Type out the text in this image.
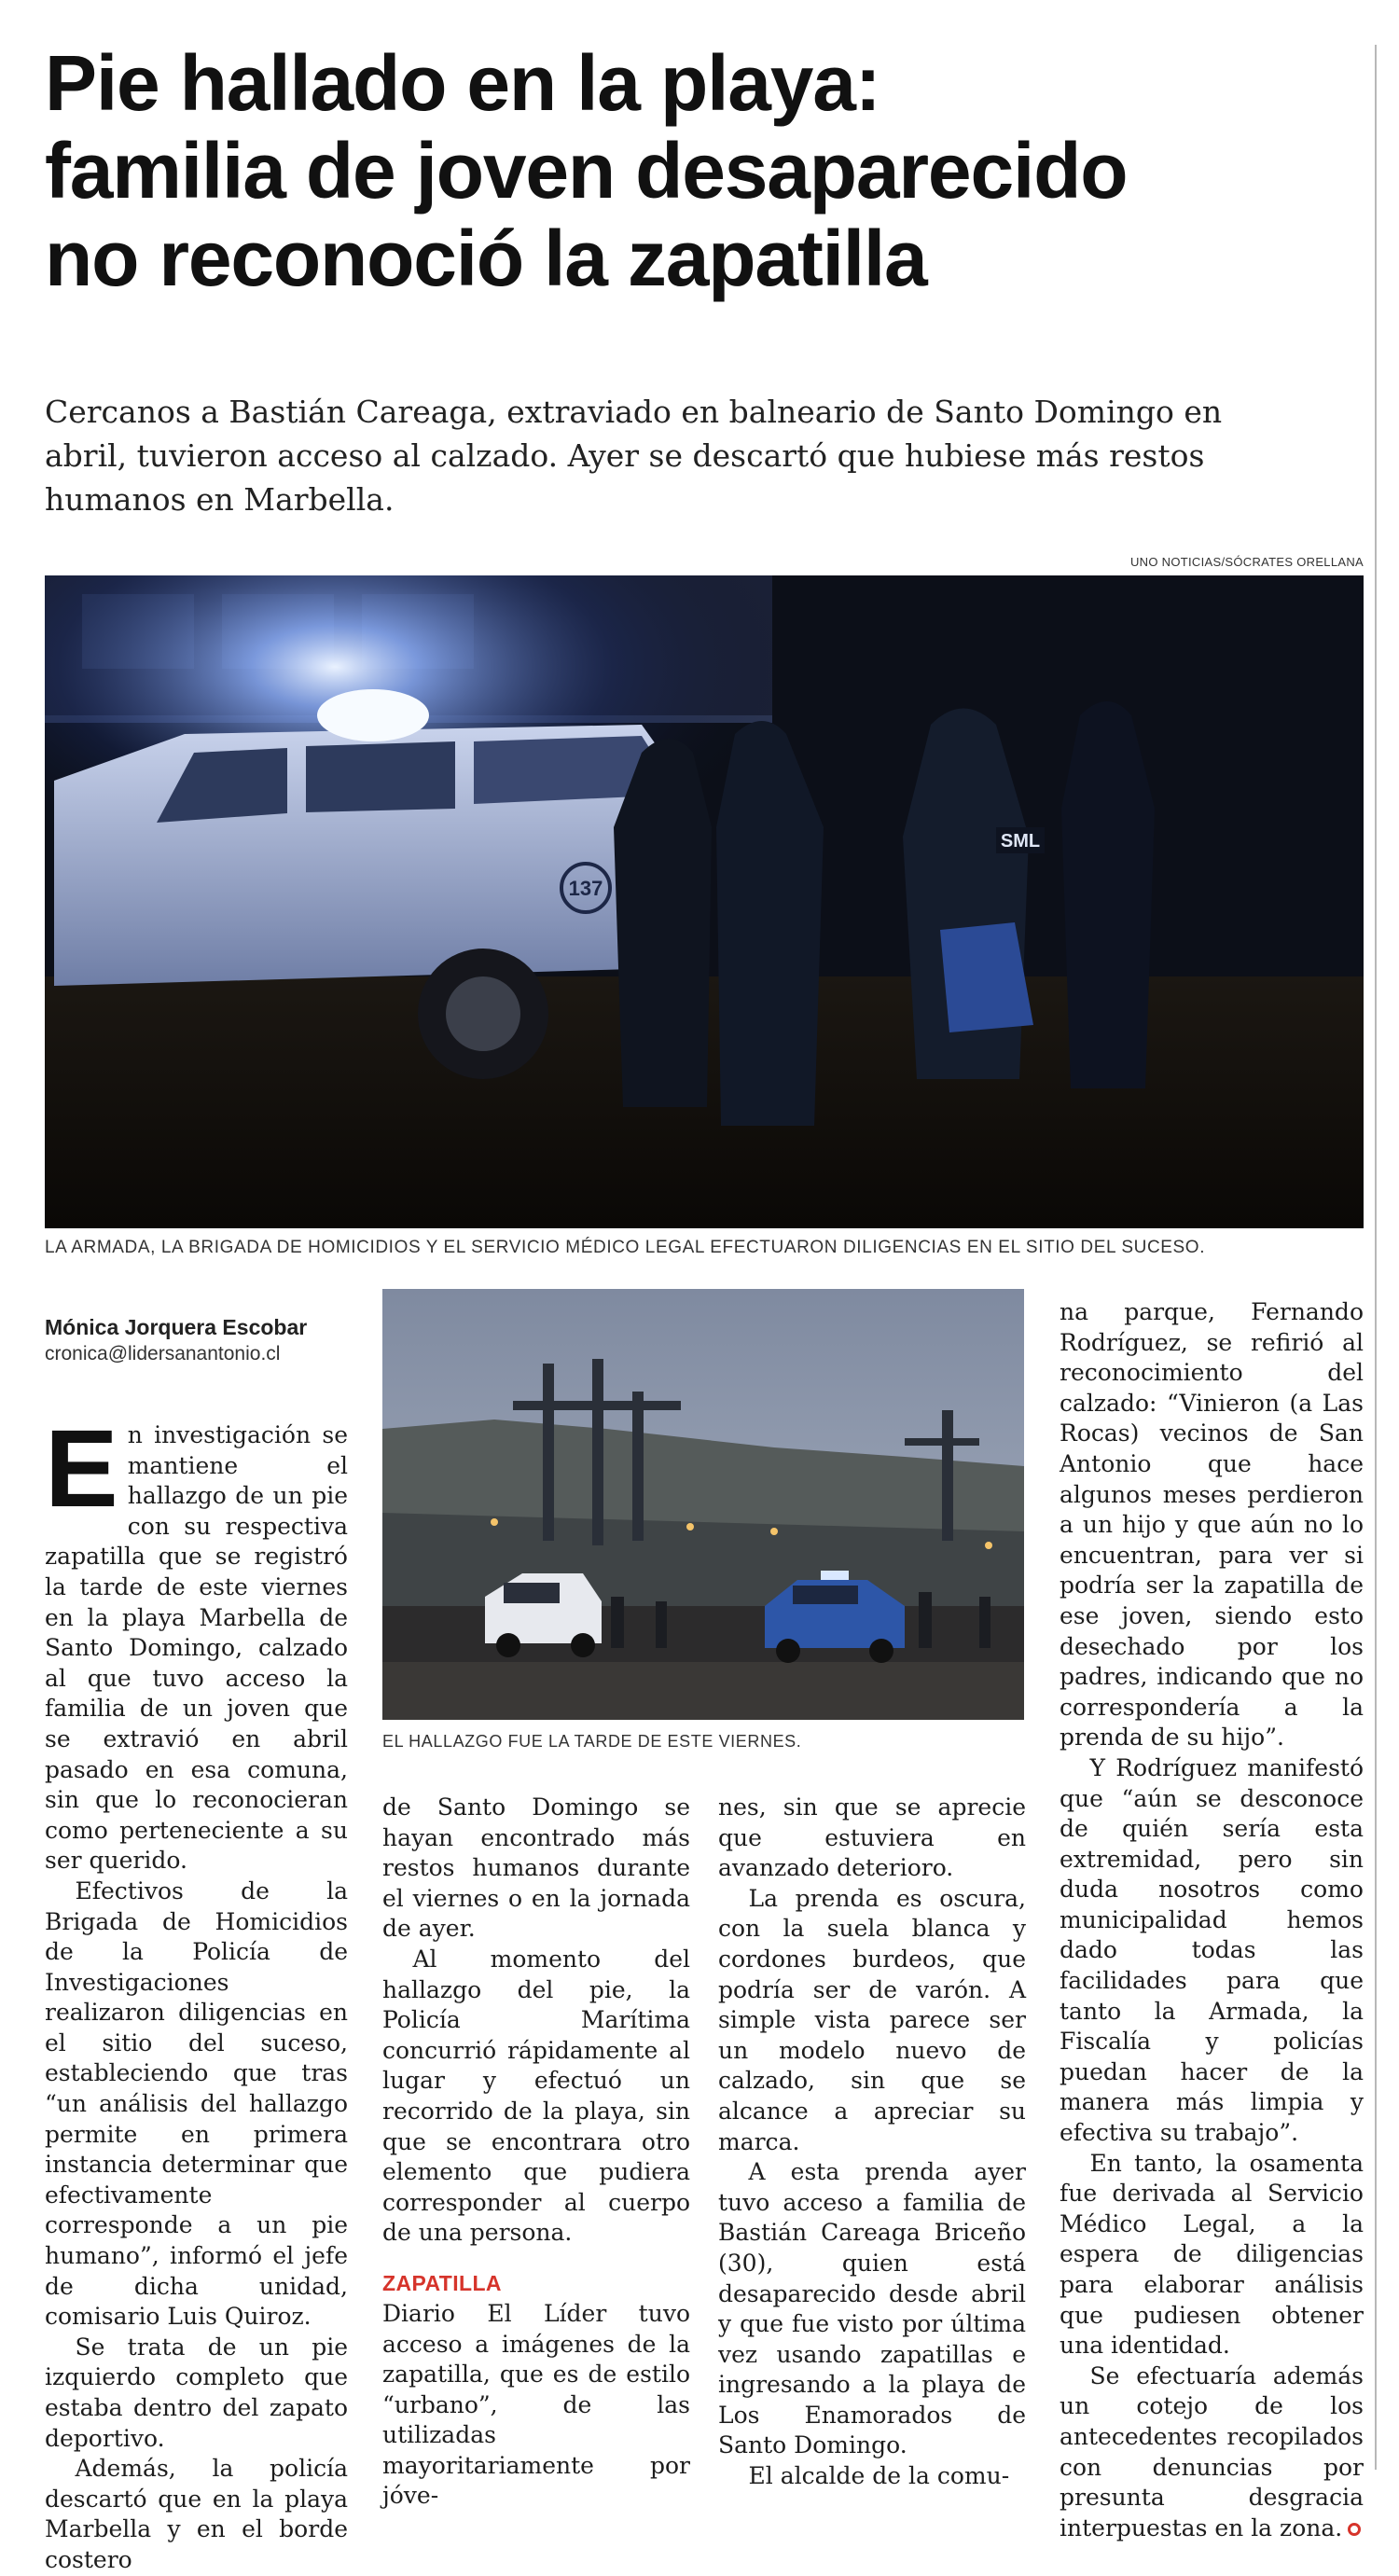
Pie hallado en la playa:
familia de joven desaparecido
no reconoció la zapatilla
Cercanos a Bastián Careaga, extraviado en balneario de Santo Domingo en
abril, tuvieron acceso al calzado. Ayer se descartó que hubiese más restos
humanos en Marbella.
UNO NOTICIAS/SÓCRATES ORELLANA
137
SML
LA ARMADA, LA BRIGADA DE HOMICIDIOS Y EL SERVICIO MÉDICO LEGAL EFECTUARON DILIGENCIAS EN EL SITIO DEL SUCESO.
Mónica Jorquera Escobar
cronica@lidersanantonio.cl
EL HALLAZGO FUE LA TARDE DE ESTE VIERNES.

En investigación se mantiene el hallazgo de un pie con su respectiva zapatilla que se registró la tarde de este viernes en la playa Marbella de Santo Domingo, calzado al que tuvo acceso la familia de un joven que se extravió en abril pasado en esa comuna, sin que lo reconocieran como perteneciente a su ser querido.

Efectivos de la Brigada de Homicidios de la Policía de Investigaciones realizaron diligencias en el sitio del suceso, estableciendo que tras “un análisis del hallazgo permite en primera instancia determinar que efectivamente corresponde a un pie humano”, informó el jefe de dicha unidad, comisario Luis Quiroz.

Se trata de un pie izquierdo completo que estaba dentro del zapato deportivo.

Además, la policía descartó que en la playa Marbella y en el borde costero

de Santo Domingo se hayan encontrado más restos humanos durante el viernes o en la jornada de ayer.

Al momento del hallazgo del pie, la Policía Marítima concurrió rápidamente al lugar y efectuó un recorrido de la playa, sin que se encontrara otro elemento que pudiera corresponder al cuerpo de una persona.

ZAPATILLA

Diario El Líder tuvo acceso a imágenes de la zapatilla, que es de estilo “urbano”, de las utilizadas mayoritariamente por jóve-

nes, sin que se aprecie que estuviera en avanzado deterioro.

La prenda es oscura, con la suela blanca y cordones burdeos, que podría ser de varón. A simple vista parece ser un modelo nuevo de calzado, sin que se alcance a apreciar su marca.

A esta prenda ayer tuvo acceso a familia de Bastián Careaga Briceño (30), quien está desaparecido desde abril y que fue visto por última vez usando zapatillas e ingresando a la playa de Los Enamorados de Santo Domingo.

El alcalde de la comu-

na parque, Fernando Rodríguez, se refirió al reconocimiento del calzado: “Vinieron (a Las Rocas) vecinos de San Antonio que hace algunos meses perdieron a un hijo y que aún no lo encuentran, para ver si podría ser la zapatilla de ese joven, siendo esto desechado por los padres, indicando que no correspondería a la prenda de su hijo”.

Y Rodríguez manifestó que “aún se desconoce de quién sería esta extremidad, pero sin duda nosotros como municipalidad hemos dado todas las facilidades para que tanto la Armada, la Fiscalía y policías puedan hacer de la manera más limpia y efectiva su trabajo”.

En tanto, la osamenta fue derivada al Servicio Médico Legal, a la espera de diligencias para elaborar análisis que pudiesen obtener una identidad.

Se efectuaría además un cotejo de los antecedentes recopilados con denuncias por presunta desgracia interpuestas en la zona.
